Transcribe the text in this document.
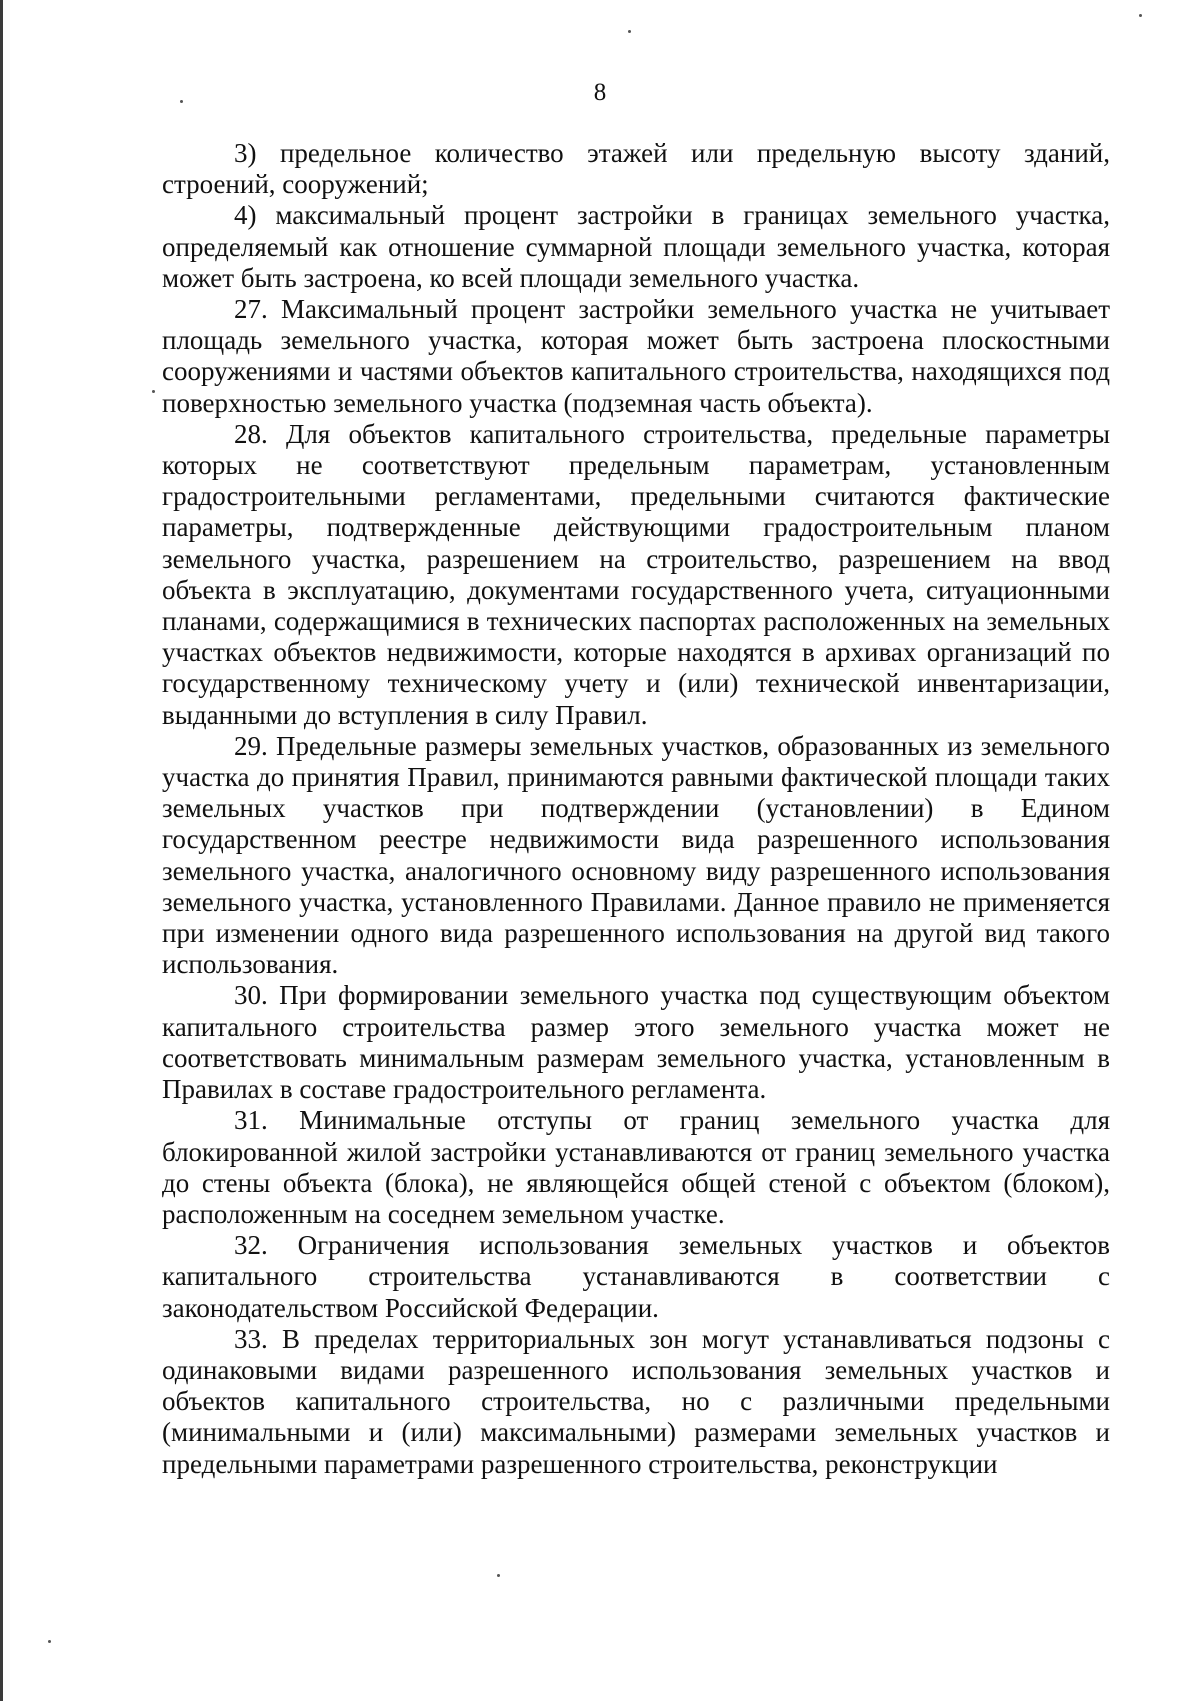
8

3) предельное количество этажей или предельную высоту зданий, строений, сооружений;

4) максимальный процент застройки в границах земельного участка, определяемый как отношение суммарной площади земельного участка, которая может быть застроена, ко всей площади земельного участка.

27. Максимальный процент застройки земельного участка не учитывает площадь земельного участка, которая может быть застроена плоскостными сооружениями и частями объектов капитального строительства, находящихся под поверхностью земельного участка (подземная часть объекта).

28. Для объектов капитального строительства, предельные параметры которых не соответствуют предельным параметрам, установленным градостроительными регламентами, предельными считаются фактические параметры, подтвержденные действующими градостроительным планом земельного участка, разрешением на строительство, разрешением на ввод объекта в эксплуатацию, документами государственного учета, ситуационными планами, содержащимися в технических паспортах расположенных на земельных участках объектов недвижимости, которые находятся в архивах организаций по государственному техническому учету и (или) технической инвентаризации, выданными до вступления в силу Правил.

29. Предельные размеры земельных участков, образованных из земельного участка до принятия Правил, принимаются равными фактической площади таких земельных участков при подтверждении (установлении) в Едином государственном реестре недвижимости вида разрешенного использования земельного участка, аналогичного основному виду разрешенного использования земельного участка, установленного Правилами. Данное правило не применяется при изменении одного вида разрешенного использования на другой вид такого использования.

30. При формировании земельного участка под существующим объектом капитального строительства размер этого земельного участка может не соответствовать минимальным размерам земельного участка, установленным в Правилах в составе градостроительного регламента.

31. Минимальные отступы от границ земельного участка для блокированной жилой застройки устанавливаются от границ земельного участка до стены объекта (блока), не являющейся общей стеной с объектом (блоком), расположенным на соседнем земельном участке.

32. Ограничения использования земельных участков и объектов капитального строительства устанавливаются в соответствии с законодательством Российской Федерации.

33. В пределах территориальных зон могут устанавливаться подзоны с одинаковыми видами разрешенного использования земельных участков и объектов капитального строительства, но с различными предельными (минимальными и (или) максимальными) размерами земельных участков и предельными параметрами разрешенного строительства, реконструкции
